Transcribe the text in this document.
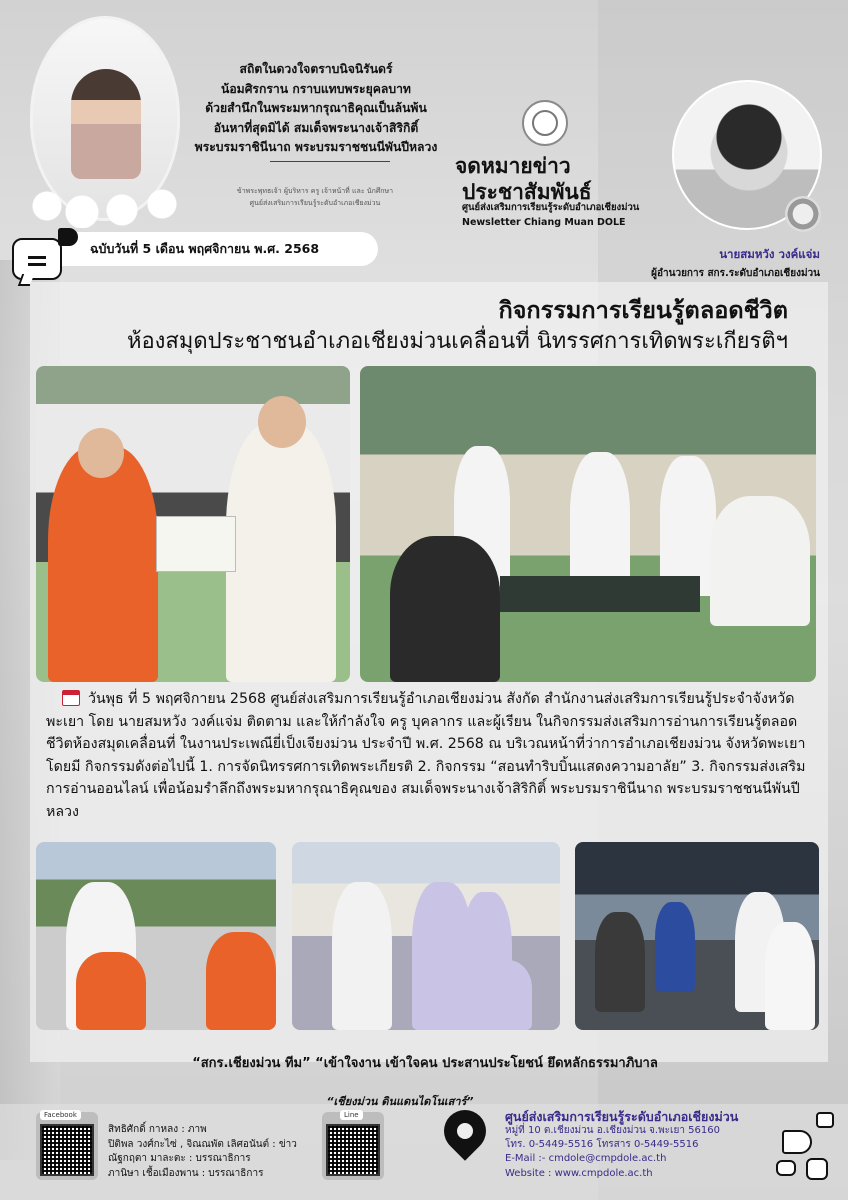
สถิตในดวงใจตราบนิจนิรันดร์
น้อมศิรกราน กราบแทบพระยุคลบาท
ด้วยสำนึกในพระมหากรุณาธิคุณเป็นล้นพ้น
อันหาที่สุดมิได้ สมเด็จพระนางเจ้าสิริกิติ์
พระบรมราชินีนาถ พระบรมราชชนนีพันปีหลวง
ข้าพระพุทธเจ้า ผู้บริหาร ครู เจ้าหน้าที่ และ นักศึกษา
ศูนย์ส่งเสริมการเรียนรู้ระดับอำเภอเชียงม่วน
จดหมายข่าว
ประชาสัมพันธ์
ศูนย์ส่งเสริมการเรียนรู้ระดับอำเภอเชียงม่วน
Newsletter Chiang Muan DOLE
นายสมหวัง วงค์แจ่ม
ผู้อำนวยการ สกร.ระดับอำเภอเชียงม่วน
ฉบับวันที่ 5 เดือน พฤศจิกายน พ.ศ. 2568
กิจกรรมการเรียนรู้ตลอดชีวิต
ห้องสมุดประชาชนอำเภอเชียงม่วนเคลื่อนที่ นิทรรศการเทิดพระเกียรติฯ
วันพุธ ที่ 5 พฤศจิกายน 2568 ศูนย์ส่งเสริมการเรียนรู้อำเภอเชียงม่วน สังกัด สำนักงานส่งเสริมการเรียนรู้ประจำจังหวัดพะเยา โดย นายสมหวัง วงค์แจ่ม ติดตาม และให้กำลังใจ ครู บุคลากร และผู้เรียน ในกิจกรรมส่งเสริมการอ่านการเรียนรู้ตลอดชีวิตห้องสมุดเคลื่อนที่ ในงานประเพณียี่เป็งเจียงม่วน ประจำปี พ.ศ. 2568 ณ บริเวณหน้าที่ว่าการอำเภอเชียงม่วน จังหวัดพะเยา โดยมี กิจกรรมดังต่อไปนี้ 1. การจัดนิทรรศการเทิดพระเกียรติ 2. กิจกรรม “สอนทำริบบิ้นแสดงความอาลัย” 3. กิจกรรมส่งเสริมการอ่านออนไลน์ เพื่อน้อมรำลึกถึงพระมหากรุณาธิคุณของ สมเด็จพระนางเจ้าสิริกิติ์ พระบรมราชินีนาถ พระบรมราชชนนีพันปีหลวง
“สกร.เชียงม่วน ทีม” “เข้าใจงาน เข้าใจคน ประสานประโยชน์ ยึดหลักธรรมาภิบาล
“เชียงม่วน ดินแดนไดโนเสาร์”
Facebook
สิทธิศักดิ์ กาหลง : ภาพ
ปิติพล วงศ์กะไซ่ , จิณณพัต เลิศอนันต์ : ข่าว
ณัฐกฤตา มาละตะ : บรรณาธิการ
ภานิษา เชื้อเมืองพาน : บรรณาธิการ
Line	ศูนย์ส่งเสริมการเรียนรู้ระดับอำเภอเชียงม่วน
หมู่ที่ 10 ต.เชียงม่วน อ.เชียงม่วน จ.พะเยา 56160
โทร. 0-5449-5516 โทรสาร 0-5449-5516
E-Mail :- cmdole@cmpdole.ac.th
Website : www.cmpdole.ac.th
